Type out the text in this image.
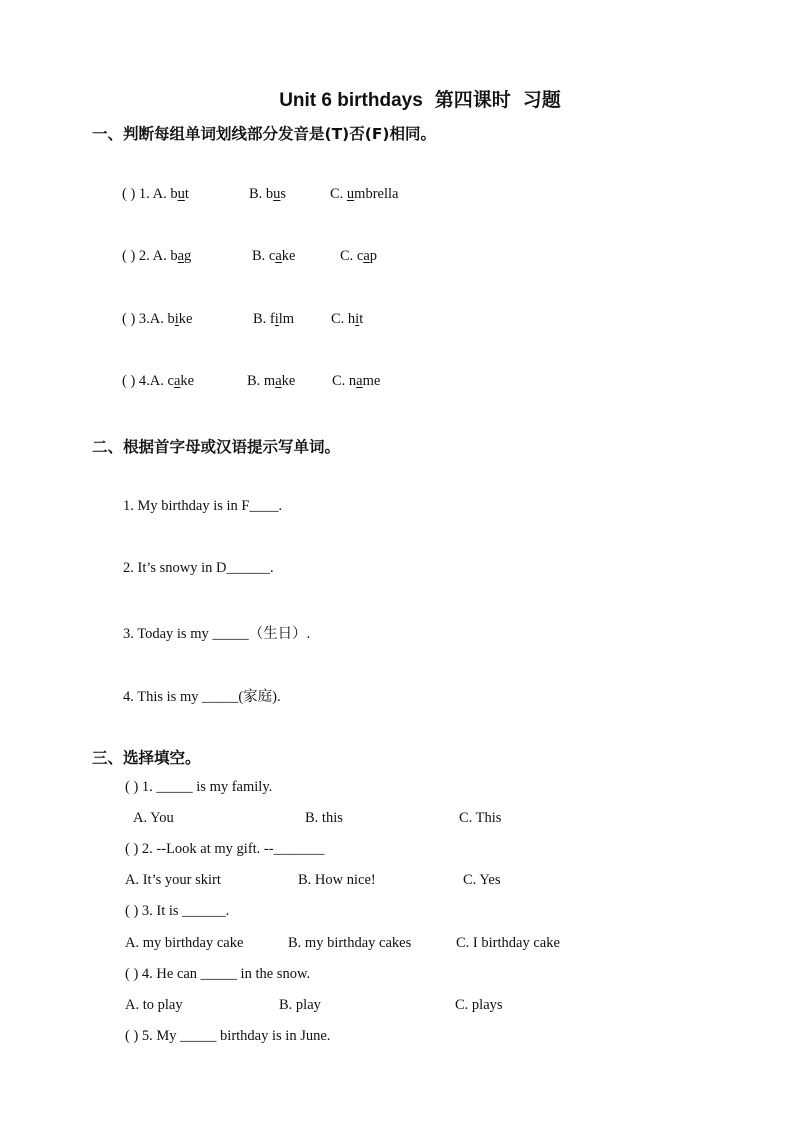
Unit 6 birthdays 第四课时 习题
一、判断每组单词划线部分发音是(T)否(F)相同。
( ) 1. A. but	B. bus	C. umbrella
( ) 2. A. bag	B. cake	C. cap
( ) 3.A. bike	B. film	C. hit
( ) 4.A. cake	B. make	C. name
二、根据首字母或汉语提示写单词。
1. My birthday is in F____.
2. It’s snowy in D______.
3. Today is my _____（生日）.
4. This is my _____(家庭).
三、选择填空。
( ) 1. _____ is my family.
A. You	B. this	C. This
( ) 2. --Look at my gift. --_______
A. It’s your skirt	B. How nice!	C. Yes
( ) 3. It is ______.
A. my birthday cake	B. my birthday cakes	C. I birthday cake
( ) 4. He can _____ in the snow.
A. to play	B. play	C. plays
( ) 5. My _____ birthday is in June.
